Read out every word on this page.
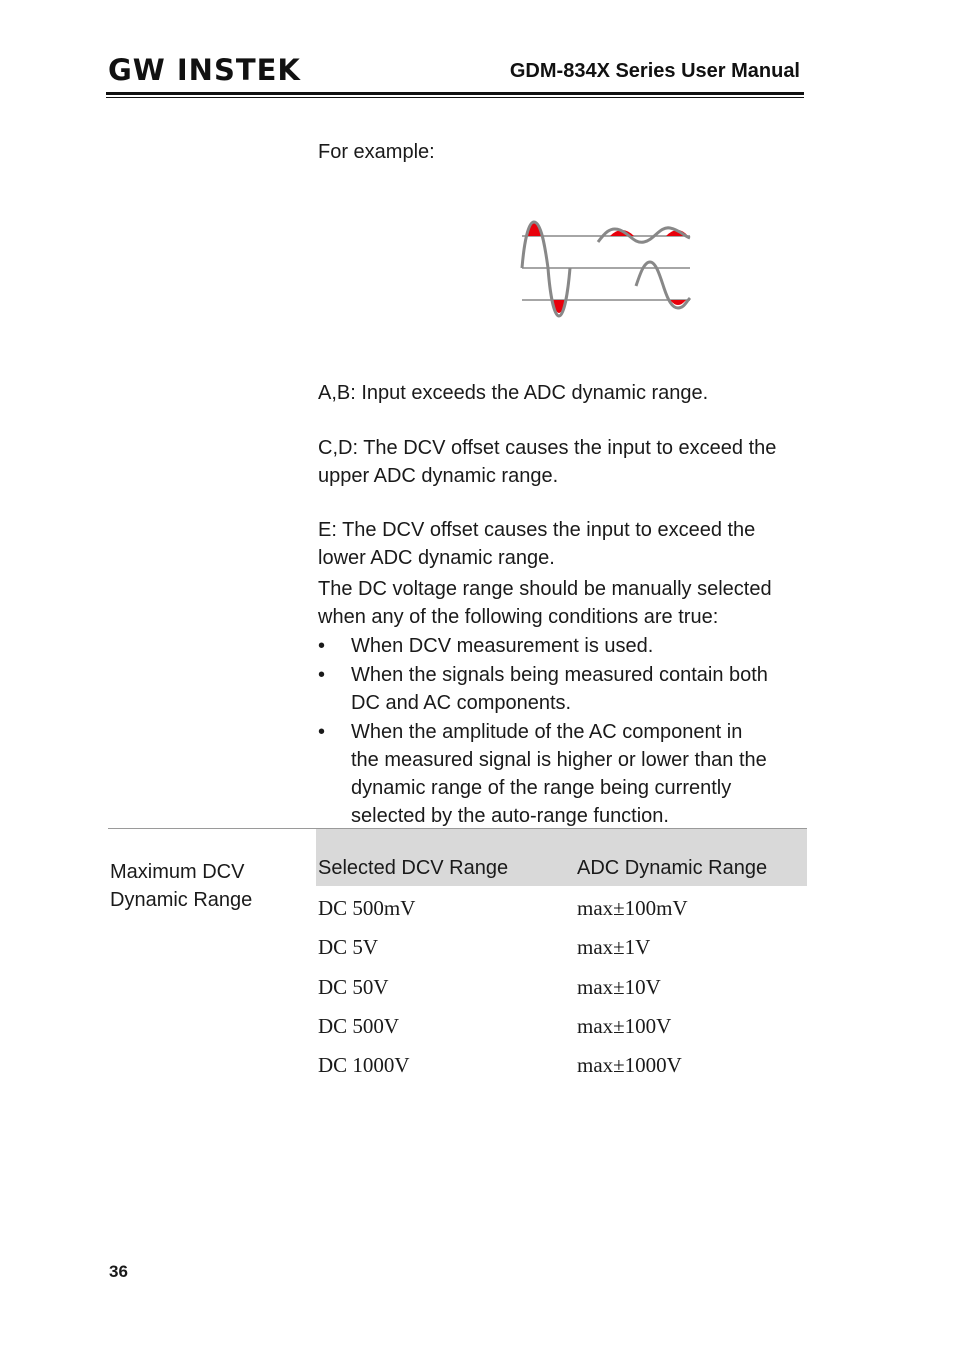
GW INSTEK	GDM-834X Series User Manual
For example:
A,B: Input exceeds the ADC dynamic range.
C,D: The DCV offset causes the input to exceed the
upper ADC dynamic range.
E: The DCV offset causes the input to exceed the
lower ADC dynamic range.
The DC voltage range should be manually selected
when any of the following conditions are true:
•	When DCV measurement is used.
•	When the signals being measured contain both
DC and AC components.
•	When the amplitude of the AC component in
the measured signal is higher or lower than the
dynamic range of the range being currently
selected by the auto-range function.
Maximum DCV
Dynamic Range
Selected DCV Range	ADC Dynamic Range
DC 500mV	max±100mV
DC 5V	max±1V
DC 50V	max±10V
DC 500V	max±100V
DC 1000V	max±1000V
36
